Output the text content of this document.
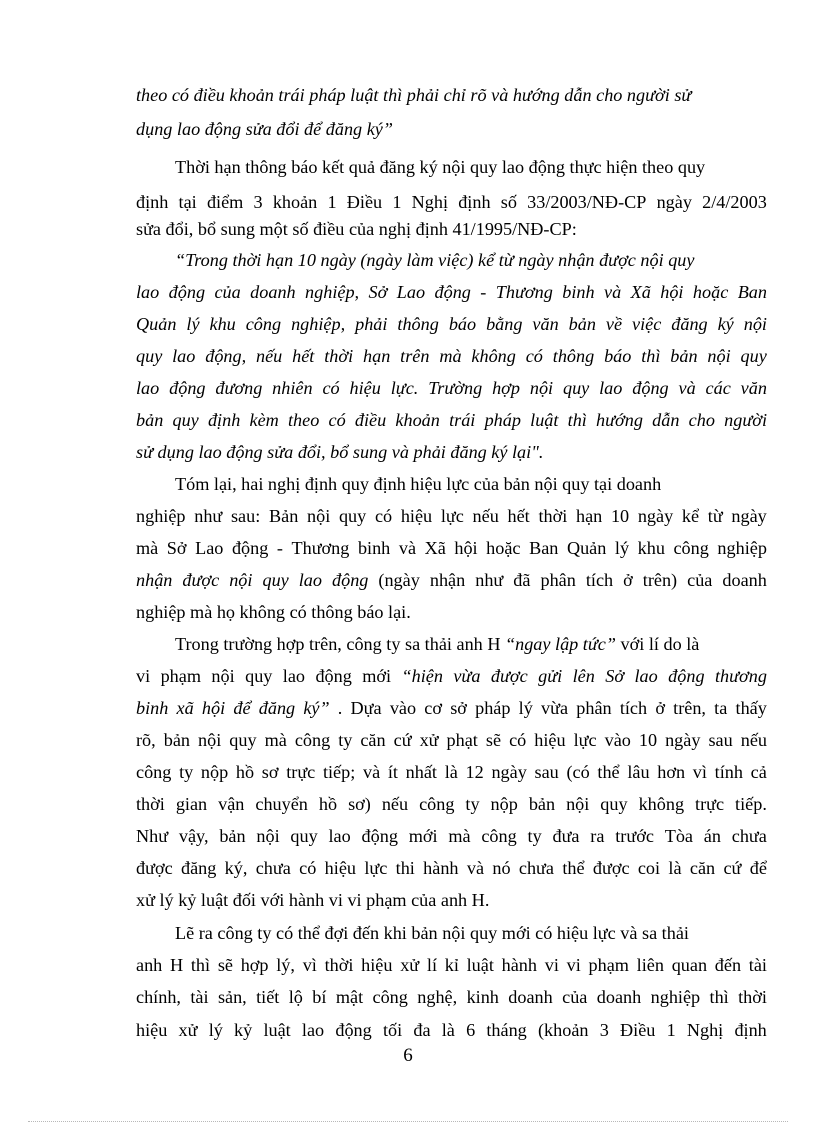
theo có điều khoản trái pháp luật thì phải chỉ rõ và hướng dẫn cho người sử
dụng lao động sửa đổi để đăng ký”
Thời hạn thông báo kết quả đăng ký nội quy lao động thực hiện theo quy
định tại điểm 3 khoản 1 Điều 1 Nghị định số 33/2003/NĐ-CP ngày 2/4/2003
sửa đổi, bổ sung một số điều của nghị định 41/1995/NĐ-CP:
“Trong thời hạn 10 ngày (ngày làm việc) kể từ ngày nhận được nội quy
lao động của doanh nghiệp, Sở Lao động - Thương binh và Xã hội hoặc Ban
Quản lý khu công nghiệp, phải thông báo bằng văn bản về việc đăng ký nội
quy lao động, nếu hết thời hạn trên mà không có thông báo thì bản nội quy
lao động đương nhiên có hiệu lực. Trường hợp nội quy lao động và các văn
bản quy định kèm theo có điều khoản trái pháp luật thì hướng dẫn cho người
sử dụng lao động sửa đổi, bổ sung và phải đăng ký lại".
Tóm lại, hai nghị định quy định hiệu lực của bản nội quy tại doanh
nghiệp như sau: Bản nội quy có hiệu lực nếu hết thời hạn 10 ngày kể từ ngày
mà Sở Lao động - Thương binh và Xã hội hoặc Ban Quản lý khu công nghiệp
nhận được nội quy lao động (ngày nhận như đã phân tích ở trên) của doanh
nghiệp mà họ không có thông báo lại.
Trong trường hợp trên, công ty sa thải anh H “ngay lập tức” với lí do là
vi phạm nội quy lao động mới “hiện vừa được gửi lên Sở lao động thương
binh xã hội để đăng ký” . Dựa vào cơ sở pháp lý vừa phân tích ở trên, ta thấy
rõ, bản nội quy mà công ty căn cứ xử phạt sẽ có hiệu lực vào 10 ngày sau nếu
công ty nộp hồ sơ trực tiếp; và ít nhất là 12 ngày sau (có thể lâu hơn vì tính cả
thời gian vận chuyển hồ sơ) nếu công ty nộp bản nội quy không trực tiếp.
Như vậy, bản nội quy lao động mới mà công ty đưa ra trước Tòa án chưa
được đăng ký, chưa có hiệu lực thi hành và nó chưa thể được coi là căn cứ để
xử lý kỷ luật đối với hành vi vi phạm của anh H.
Lẽ ra công ty có thể đợi đến khi bản nội quy mới có hiệu lực và sa thải
anh H thì sẽ hợp lý, vì thời hiệu xử lí kỉ luật hành vi vi phạm liên quan đến tài
chính, tài sản, tiết lộ bí mật công nghệ, kinh doanh của doanh nghiệp thì thời
hiệu xử lý kỷ luật lao động tối đa là 6 tháng (khoản 3 Điều 1 Nghị định
6
